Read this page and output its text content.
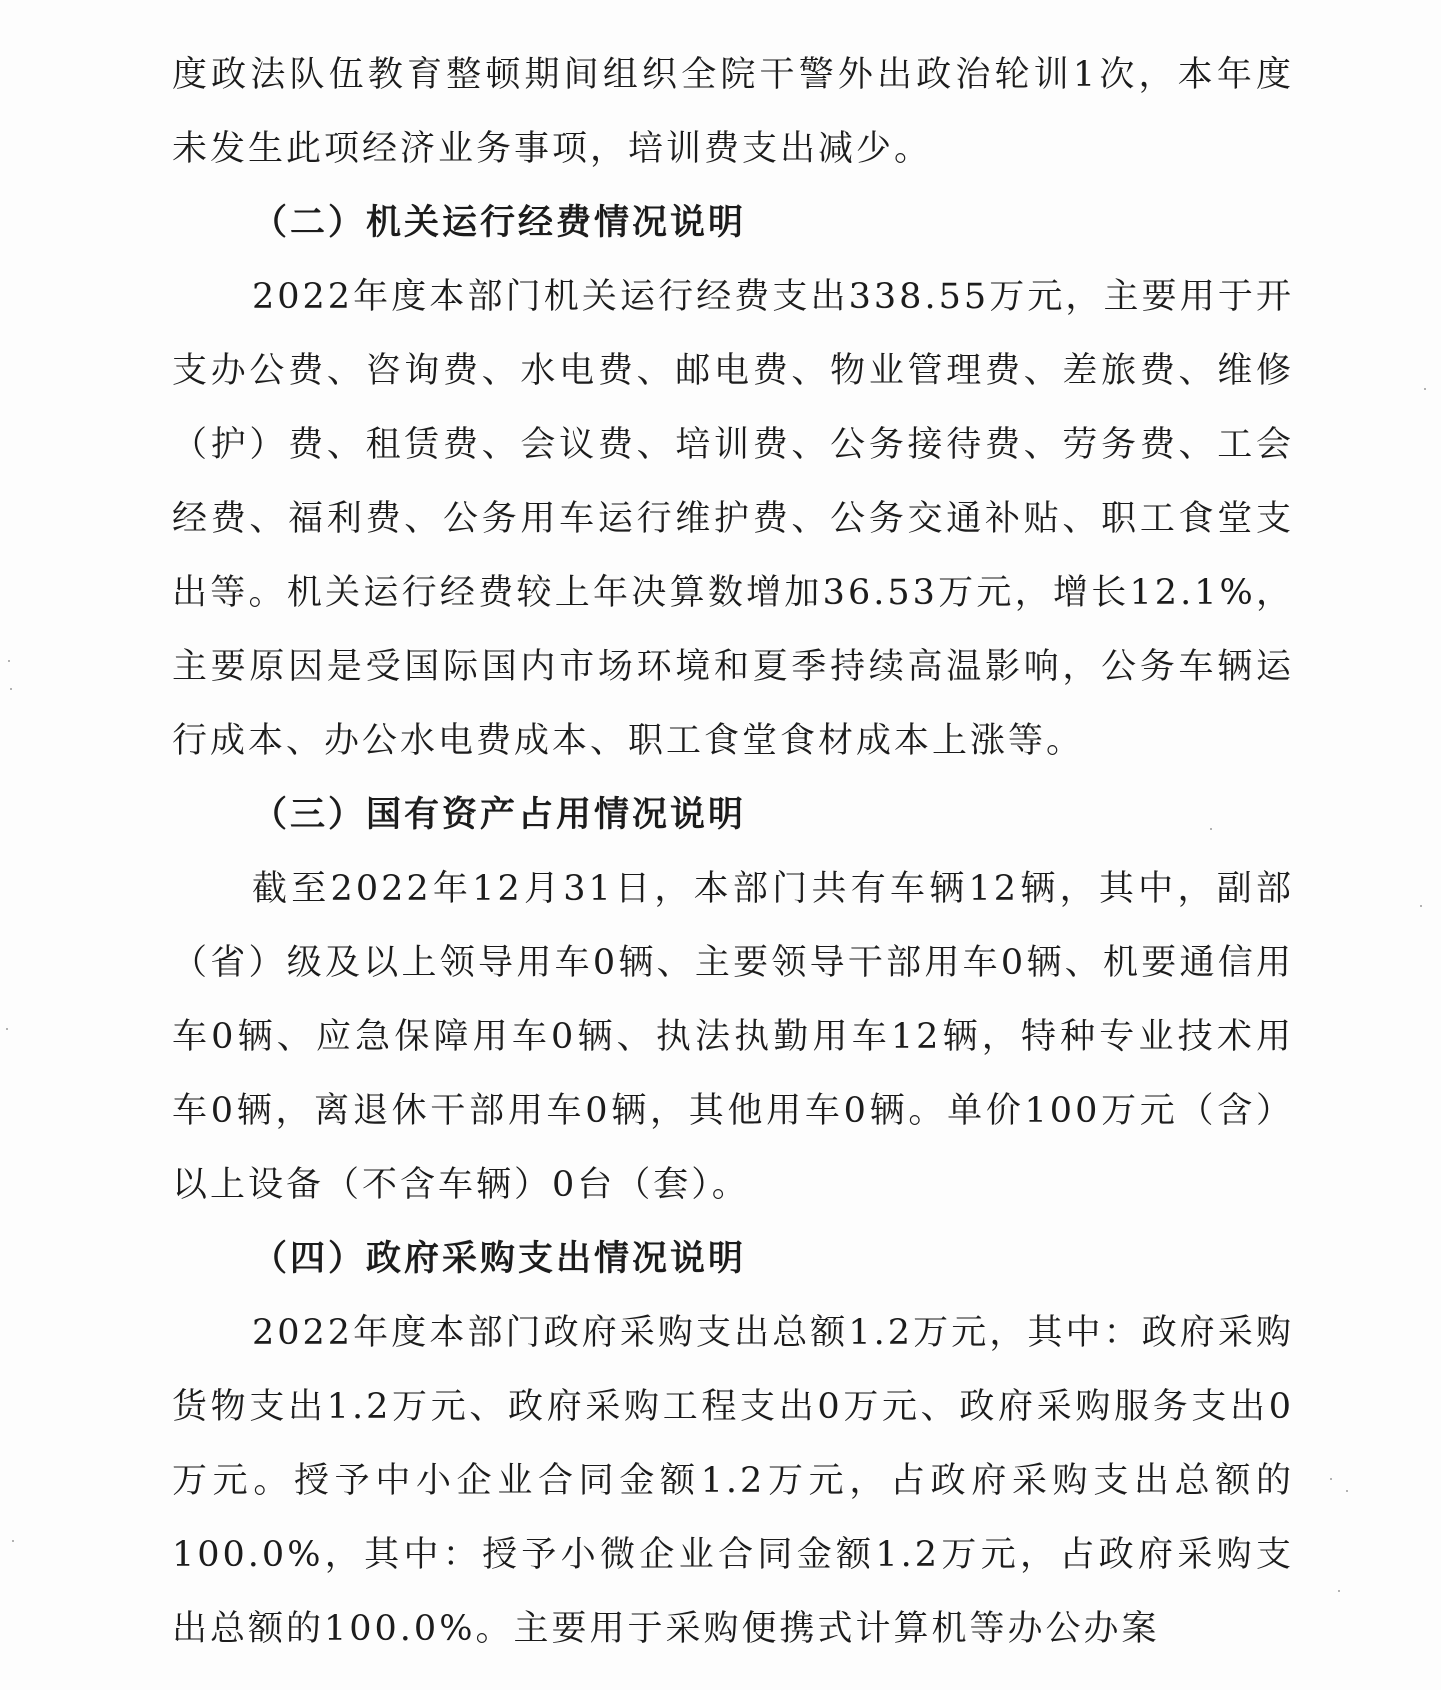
度政法队伍教育整顿期间组织全院干警外出政治轮训1次，本年度未发生此项经济业务事项，培训费支出减少。

（二）机关运行经费情况说明

2022年度本部门机关运行经费支出338.55万元，主要用于开支办公费、咨询费、水电费、邮电费、物业管理费、差旅费、维修（护）费、租赁费、会议费、培训费、公务接待费、劳务费、工会经费、福利费、公务用车运行维护费、公务交通补贴、职工食堂支出等。机关运行经费较上年决算数增加36.53万元，增长12.1%，主要原因是受国际国内市场环境和夏季持续高温影响，公务车辆运行成本、办公水电费成本、职工食堂食材成本上涨等。

（三）国有资产占用情况说明

截至2022年12月31日，本部门共有车辆12辆，其中，副部（省）级及以上领导用车0辆、主要领导干部用车0辆、机要通信用车0辆、应急保障用车0辆、执法执勤用车12辆，特种专业技术用车0辆，离退休干部用车0辆，其他用车0辆。单价100万元（含）以上设备（不含车辆）0台（套）。

（四）政府采购支出情况说明

2022年度本部门政府采购支出总额1.2万元，其中：政府采购货物支出1.2万元、政府采购工程支出0万元、政府采购服务支出0万元。授予中小企业合同金额1.2万元，占政府采购支出总额的100.0%，其中：授予小微企业合同金额1.2万元，占政府采购支出总额的100.0%。主要用于采购便携式计算机等办公办案
